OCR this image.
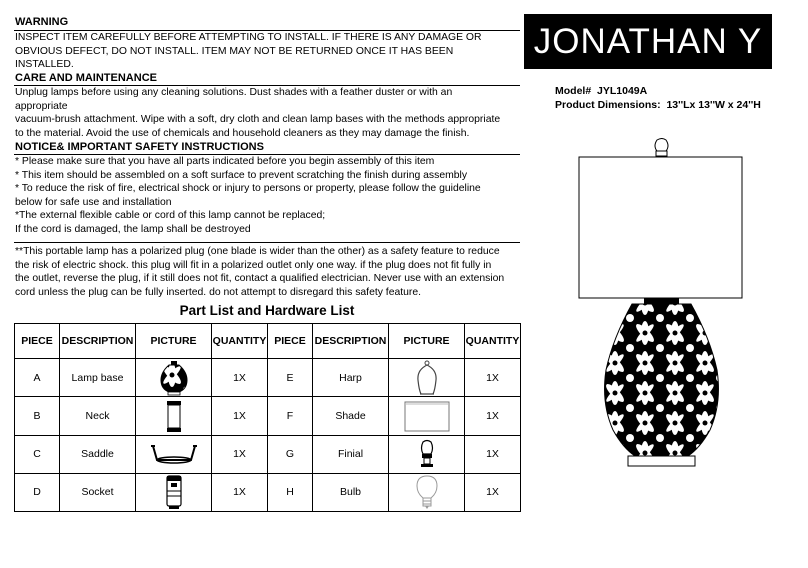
WARNING
INSPECT ITEM CAREFULLY BEFORE ATTEMPTING TO INSTALL. IF THERE IS ANY DAMAGE OR
OBVIOUS DEFECT, DO NOT INSTALL. ITEM MAY NOT BE RETURNED ONCE IT HAS BEEN
INSTALLED.
CARE AND MAINTENANCE
Unplug lamps before using any cleaning solutions. Dust shades with a feather duster or with an
appropriate
vacuum-brush attachment. Wipe with a soft, dry cloth and clean lamp bases with the methods appropriate
to the material. Avoid the use of chemicals and household cleaners as they may damage the finish.
NOTICE& IMPORTANT SAFETY INSTRUCTIONS
* Please make sure that you have all parts indicated before you begin assembly of this item
* This item should be assembled on a soft surface to prevent scratching the finish during assembly
* To reduce the risk of fire, electrical shock or injury to persons or property, please follow the guideline
below for safe use and installation
*The external flexible cable or cord of this lamp cannot be replaced;
If the cord is damaged, the lamp shall be destroyed
**This portable lamp has a polarized plug (one blade is wider than the other) as a safety feature to reduce
the risk of electric shock. this plug will fit in a polarized outlet only one way. if the plug does not fit fully in
the outlet, reverse the plug, if it still does not fit, contact a qualified electrician. Never use with an extension
cord unless the plug can be fully inserted. do not attempt to disregard this safety feature.
JONATHAN Y
Model# JYL1049A
Product Dimensions: 13''Lx 13''W x 24''H
Part List and Hardware List
PIECE	DESCRIPTION	PICTURE	QUANTITY	PIECE	DESCRIPTION	PICTURE	QUANTITY
A	Lamp base		1X	E	Harp		1X
B	Neck		1X	F	Shade		1X
C	Saddle		1X	G	Finial		1X
D	Socket		1X	H	Bulb		1X
